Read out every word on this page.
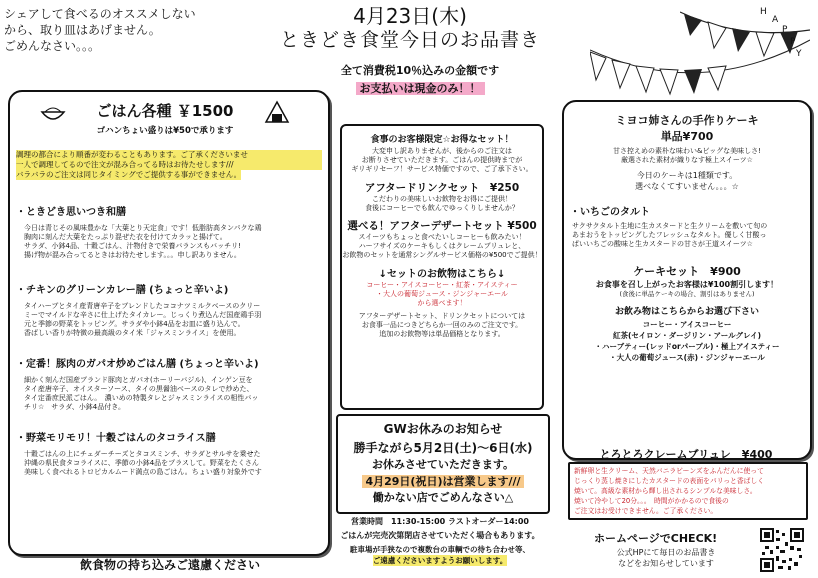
シェアして食べるのオススメしない
から、取り皿はあげません。
ごめんなさい。。。
4月23日(木)
ときどき食堂今日のお品書き
全て消費税10％込みの金額です
お支払いは現金のみ！！
H
A
P
P
Y
ごはん各種 ￥1500
ゴハンちょい盛りは¥50で承ります
調理の都合により順番が変わることもあります。ご了承くださいませ
一人で調理してるので注文が混み合ってる時はお待たせします///
バラバラのご注文は同じタイミングでご提供する事ができません。
・ときどき思いつき和膳
今日は青じその風味豊かな「大葉とり天定食」です！低脂肪高タンパクな鶏
胸肉に刻んだ大葉をたっぷり混ぜた衣を付けてカラッと揚げて。
サラダ、小鉢4品、十穀ごはん、汁物付きで栄養バランスもバッチリ!
揚げ物が混み合ってるときはお待たせします。。。申し訳ありません。
・チキンのグリーンカレー膳 (ちょっと辛いよ)
タイハーブとタイ産青唐辛子をブレンドしたココナツミルクベースのクリー
ミーでマイルドな辛さに仕上げたタイカレー。じっくり煮込んだ国産鶏手羽
元と季節の野菜をトッピング。サラダや小鉢4品をお皿に盛り込んで。
香ばしい香りが特徴の最高級のタイ米「ジャスミンライス」を使用。
・定番！豚肉のガパオ炒めごはん膳 (ちょっと辛いよ)
細かく刻んだ国産ブランド豚肉とガパオ(ホーリーバジル)、インゲン豆を
タイ産唐辛子、オイスターソース、タイの黒醤油ベースのタレで炒めた、
タイ定番庶民派ごはん。　濃いめの特製タレとジャスミンライスの相性バッ
チリ☆　サラダ、小鉢4品付き。
・野菜モリモリ！十穀ごはんのタコライス膳
十穀ごはんの上にチェダーチーズとタコスミンチ、サラダとサルサを乗せた
沖縄の県民食タコライスに、季節の小鉢4品をプラスして。野菜をたくさん
美味しく食べれるトロピカルムード満点の島ごはん。ちょい盛り対象外です
飲食物の持ち込みご遠慮ください
食事のお客様限定☆お得なセット！
大変申し訳ありませんが、後からのご注文は
お断りさせていただきます。ごはんの提供時までが
ギリギリセーフ！サービス特価ですので、ご了承下さい。
アフタードリンクセット　¥250
こだわりの美味しいお飲物をお得にご提供！
食後にコーヒーでも飲んでゆっくりしませんか？
選べる！アフターデザートセット ¥500
スイーツもちょっと食べたいしコーヒーも飲みたい！
ハーフサイズのケーキもしくはクレームブリュレと、
お飲物のセットを通常シングルサービス価格の¥500でご提供！
↓セットのお飲物はこちら↓
コーヒー・アイスコーヒー・紅茶・アイスティー
・大人の葡萄ジュース・ジンジャーエール
から選べます！
アフターデザートセット、ドリンクセットについては
お食事一品につきどちらか一回のみのご注文です。
追加のお飲物等は単品価格となります。
GWお休みのお知らせ
勝手ながら5月2日(土)〜6日(水)
お休みさせていただきます。
4月29日(祝日)は営業します///
働かない店でごめんなさい△
営業時間　11:30-15:00 ラストオーダー14:00
ごはんが完売次第閉店させていただく場合もあります。
駐車場が手狭なので複数台の車輌での待ち合わせ等、
ご遠慮くださいますようお願いします。
ミヨコ姉さんの手作りケーキ
単品¥700
甘さ控えめの素朴な味わい&ビッグな美味しさ!
厳選された素材が織りなす極上スイーツ☆
今日のケーキは1種類です。
選べなくてすいません。。。☆
・いちごのタルト
サクサクタルト生地に生カスタードと生クリームを敷いて旬の
あまおうをトッピングしたフレッシュなタルト。優しく甘酸っ
ぱいいちごの酸味と生カスタードの甘さが王道スイーツ☆
ケーキセット　¥900
お食事を召し上がったお客様は¥100割引します！
(食後に単品ケーキの場合、割引はありません)
お飲み物はこちらからお選び下さい
コーヒー・アイスコーヒー
紅茶(セイロン・ダージリン・アールグレイ)
・ハーブティー(レッドorパープル)・極上アイスティー
・大人の葡萄ジュース(赤)・ジンジャーエール
とろとろクレームブリュレ　¥400
新鮮卵と生クリーム、天然バニラビーンズをふんだんに使って
じっくり蒸し焼きにしたカスタードの表面をパリっと香ばしく
焼いて。高級な素材から輝し出されるシンプルな美味しさ。
焼いて冷やして20分。。。　時間がかかるので食後の
ご注文はお受けできません。ご了承ください。
ホームページでCHECK!
公式HPにて毎日のお品書き
などをお知らせしています
